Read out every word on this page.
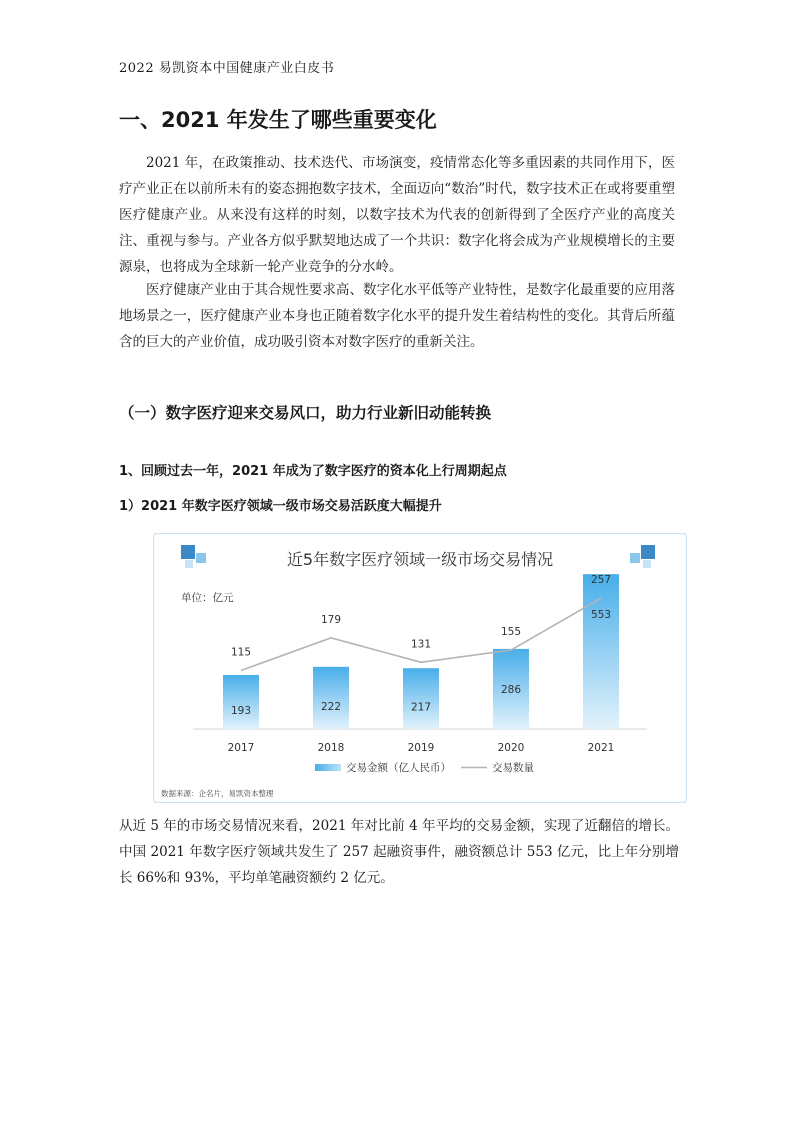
2022 易凯资本中国健康产业白皮书
一、2021 年发生了哪些重要变化

2021 年，在政策推动、技术迭代、市场演变，疫情常态化等多重因素的共同作用下，医疗产业正在以前所未有的姿态拥抱数字技术，全面迈向“数治”时代，数字技术正在或将要重塑医疗健康产业。从来没有这样的时刻，以数字技术为代表的创新得到了全医疗产业的高度关注、重视与参与。产业各方似乎默契地达成了一个共识：数字化将会成为产业规模增长的主要源泉，也将成为全球新一轮产业竞争的分水岭。

医疗健康产业由于其合规性要求高、数字化水平低等产业特性，是数字化最重要的应用落地场景之一，医疗健康产业本身也正随着数字化水平的提升发生着结构性的变化。其背后所蕴含的巨大的产业价值，成功吸引资本对数字医疗的重新关注。

（一）数字医疗迎来交易风口，助力行业新旧动能转换
1、回顾过去一年，2021 年成为了数字医疗的资本化上行周期起点
1）2021 年数字医疗领域一级市场交易活跃度大幅提升
近5年数字医疗领域一级市场交易情况
单位：亿元
193
2017
115
222
2018
179
217
2019
131
286
2020
155
553
2021
257
交易金额（亿人民币）	交易数量
数据来源：企名片，易凯资本整理

从近 5 年的市场交易情况来看，2021 年对比前 4 年平均的交易金额，实现了近翻倍的增长。中国 2021 年数字医疗领域共发生了 257 起融资事件，融资额总计 553 亿元，比上年分别增长 66%和 93%，平均单笔融资额约 2 亿元。
